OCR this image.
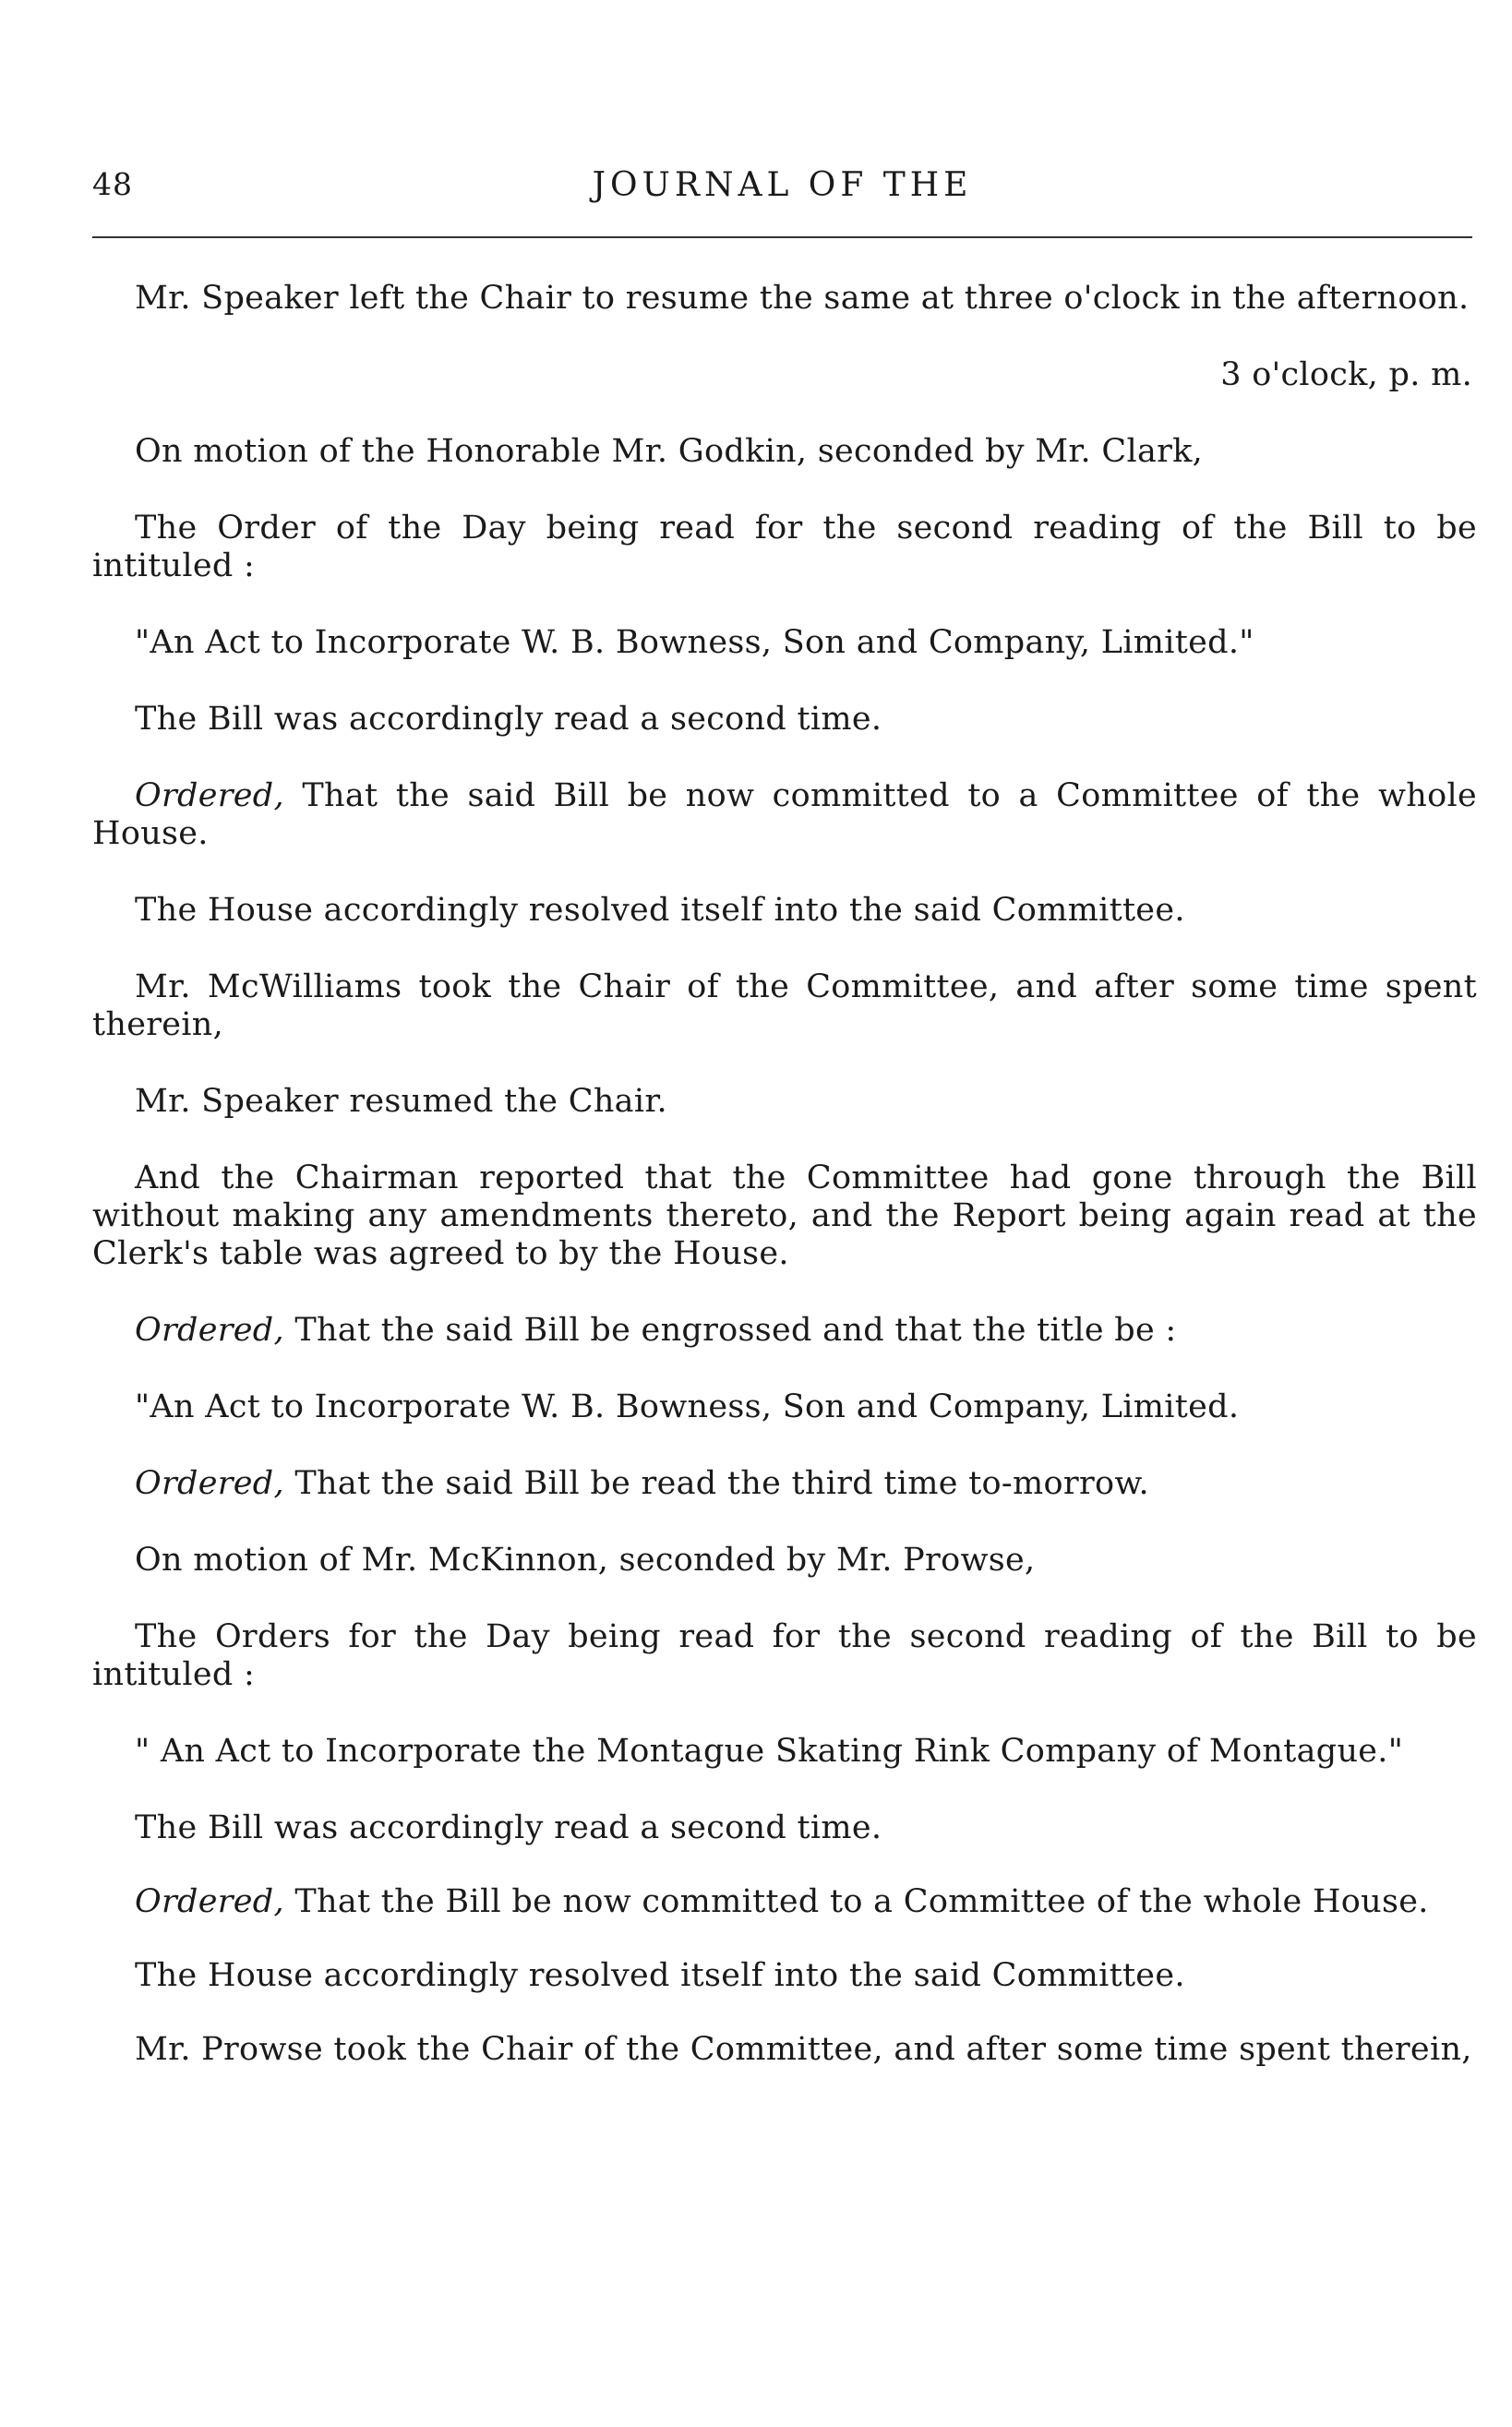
48	JOURNAL OF THE

Mr. Speaker left the Chair to resume the same at three o'clock in the afternoon.

3 o'clock, p. m.

On motion of the Honorable Mr. Godkin, seconded by Mr. Clark,

The Order of the Day being read for the second reading of the Bill to be intituled :

"An Act to Incorporate W. B. Bowness, Son and Company, Limited."

The Bill was accordingly read a second time.

Ordered, That the said Bill be now committed to a Committee of the whole House.

The House accordingly resolved itself into the said Committee.

Mr. McWilliams took the Chair of the Committee, and after some time spent therein,

Mr. Speaker resumed the Chair.

And the Chairman reported that the Committee had gone through the Bill without making any amendments thereto, and the Report being again read at the Clerk's table was agreed to by the House.

Ordered, That the said Bill be engrossed and that the title be :

"An Act to Incorporate W. B. Bowness, Son and Company, Limited.

Ordered, That the said Bill be read the third time to-morrow.

On motion of Mr. McKinnon, seconded by Mr. Prowse,

The Orders for the Day being read for the second reading of the Bill to be intituled :

" An Act to Incorporate the Montague Skating Rink Company of Montague."

The Bill was accordingly read a second time.

Ordered, That the Bill be now committed to a Committee of the whole House.

The House accordingly resolved itself into the said Committee.

Mr. Prowse took the Chair of the Committee, and after some time spent therein,
